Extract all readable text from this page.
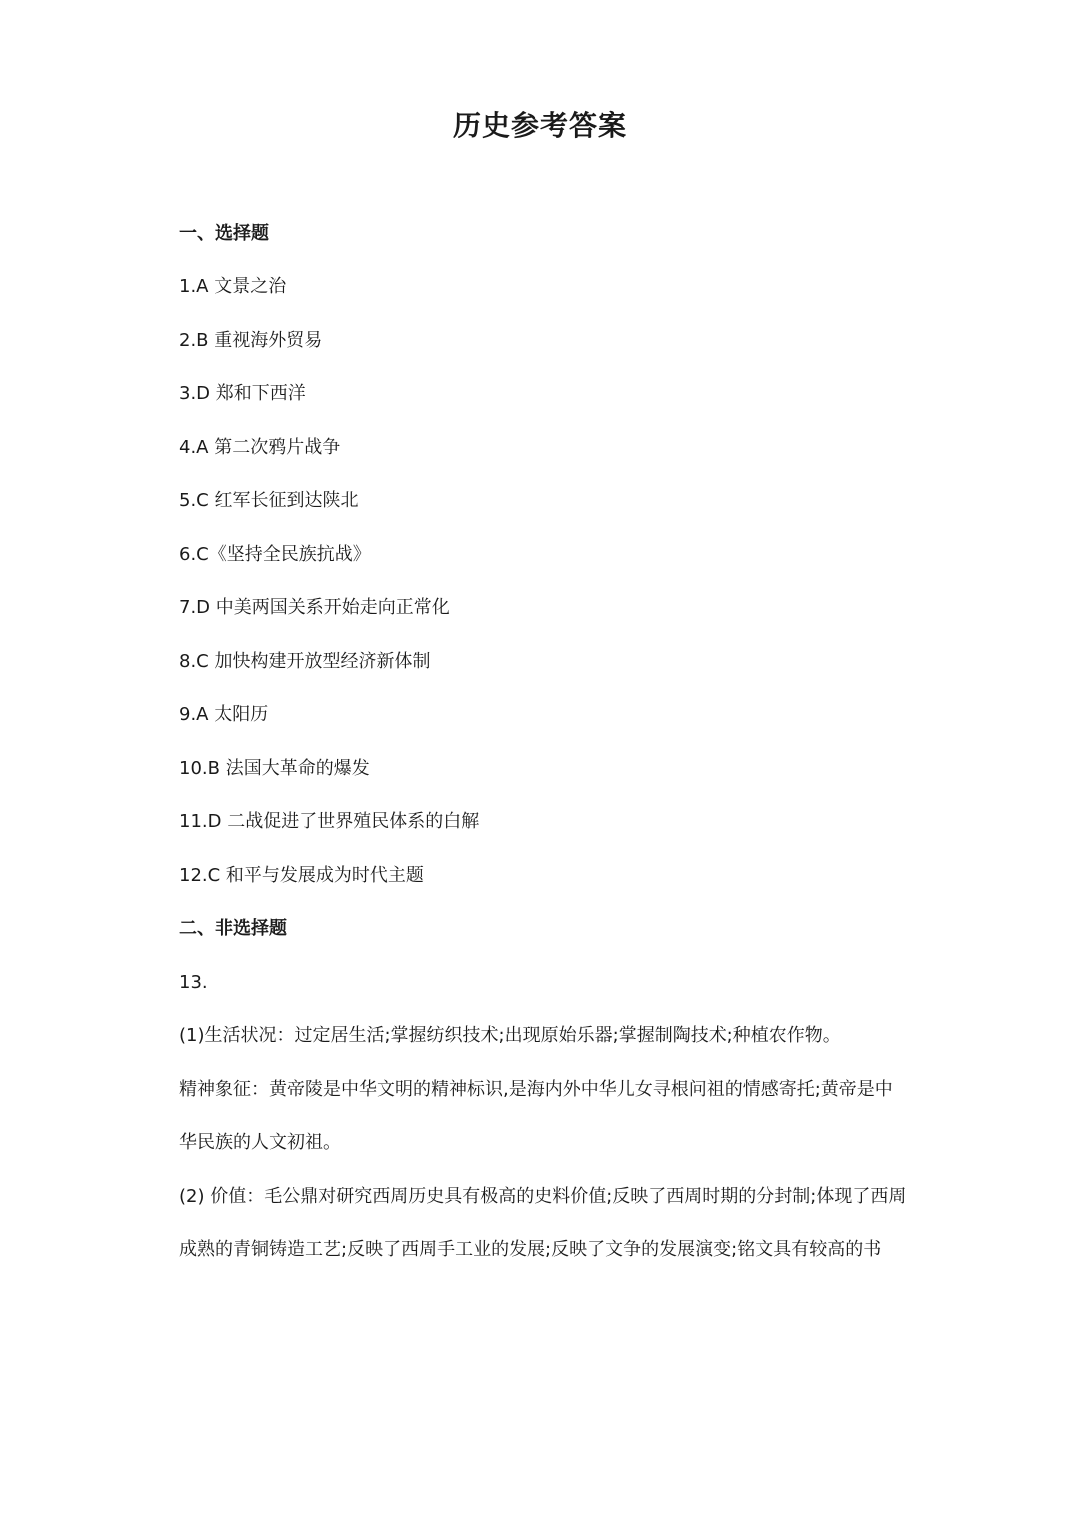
历史参考答案
一、选择题
1.A 文景之治
2.B 重视海外贸易
3.D 郑和下西洋
4.A 第二次鸦片战争
5.C 红军长征到达陕北
6.C《坚持全民族抗战》
7.D 中美两国关系开始走向正常化
8.C 加快构建开放型经济新体制
9.A 太阳历
10.B 法国大革命的爆发
11.D 二战促进了世界殖民体系的白解
12.C 和平与发展成为时代主题
二、非选择题
13.
(1)生活状况：过定居生活;掌握纺织技术;出现原始乐器;掌握制陶技术;种植农作物。
精神象征：黄帝陵是中华文明的精神标识,是海内外中华儿女寻根问祖的情感寄托;黄帝是中
华民族的人文初祖。
(2) 价值：毛公鼎对研究西周历史具有极高的史料价值;反映了西周时期的分封制;体现了西周
成熟的青铜铸造工艺;反映了西周手工业的发展;反映了文争的发展演变;铭文具有较高的书
